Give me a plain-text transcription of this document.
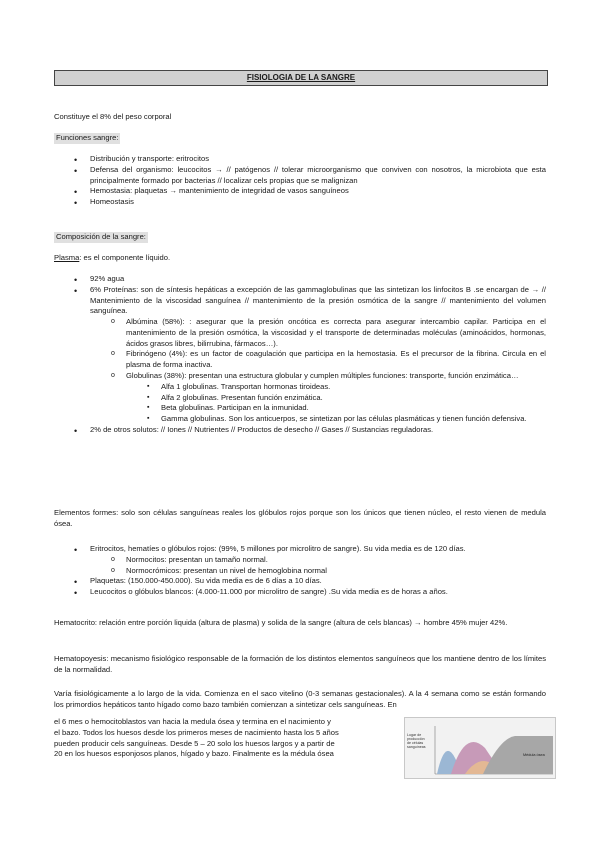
FISIOLOGIA DE LA SANGRE
Constituye el 8% del peso corporal
Funciones sangre:
• Distribución y transporte: eritrocitos
• Defensa del organismo: leucocitos → // patógenos // tolerar microorganismo que conviven con nosotros, la microbiota que esta principalmente formado por bacterias // localizar cels propias que se malignizan
• Hemostasia: plaquetas → mantenimiento de integridad de vasos sanguíneos
• Homeostasis
Composición de la sangre:
Plasma: es el componente líquido.
• 92% agua
• 6% Proteínas: son de síntesis hepáticas a excepción de las gammaglobulinas que las sintetizan los linfocitos B .se encargan de → // Mantenimiento de la viscosidad sanguínea // mantenimiento de la presión osmótica de la sangre // mantenimiento del volumen sanguínea.
o Albúmina (58%): : asegurar que la presión oncótica es correcta para asegurar intercambio capilar. Participa en el mantenimiento de la presión osmótica, la viscosidad y el transporte de determinadas moléculas (aminoácidos, hormonas, ácidos grasos libres, bilirrubina, fármacos…).
o Fibrinógeno (4%): es un factor de coagulación que participa en la hemostasia. Es el precursor de la fibrina. Circula en el plasma de forma inactiva.
o Globulinas (38%): presentan una estructura globular y cumplen múltiples funciones: transporte, función enzimática…
▪ Alfa 1 globulinas. Transportan hormonas tiroideas.
▪ Alfa 2 globulinas. Presentan función enzimática.
▪ Beta globulinas. Participan en la inmunidad.
▪ Gamma globulinas. Son los anticuerpos, se sintetizan por las células plasmáticas y tienen función defensiva.
• 2% de otros solutos: // Iones // Nutrientes // Productos de desecho // Gases // Sustancias reguladoras.
Elementos formes: solo son células sanguíneas reales los glóbulos rojos porque son los únicos que tienen núcleo, el resto vienen de medula ósea.
• Eritrocitos, hematíes o glóbulos rojos: (99%, 5 millones por microlitro de sangre). Su vida media es de 120 días.
o Normocitos: presentan un tamaño normal.
o Normocrómicos: presentan un nivel de hemoglobina normal
• Plaquetas: (150.000-450.000). Su vida media es de 6 días a 10 días.
• Leucocitos o glóbulos blancos: (4.000-11.000 por microlitro de sangre) .Su vida media es de horas a años.
Hematocrito: relación entre porción liquida (altura de plasma) y solida de la sangre (altura de cels blancas) → hombre 45% mujer 42%.
Hematopoyesis: mecanismo fisiológico responsable de la formación de los distintos elementos sanguíneos que los mantiene dentro de los límites de la normalidad.
Varía fisiológicamente a lo largo de la vida. Comienza en el saco vitelino (0-3 semanas gestacionales). A la 4 semana como se están formando los primordios hepáticos tanto hígado como bazo también comienzan a sintetizar cels sanguíneas. En
el 6 mes o hemocitoblastos van hacia la medula ósea y termina en el nacimiento y
el bazo. Todos los huesos desde los primeros meses de nacimiento hasta los 5 años
pueden producir cels sanguíneas. Desde 5 – 20 solo los huesos largos y a partir de
20 en los huesos esponjosos planos, hígado y bazo. Finalmente es la médula ósea
Lugar de
producción
de células
sanguíneas
Médula ósea
